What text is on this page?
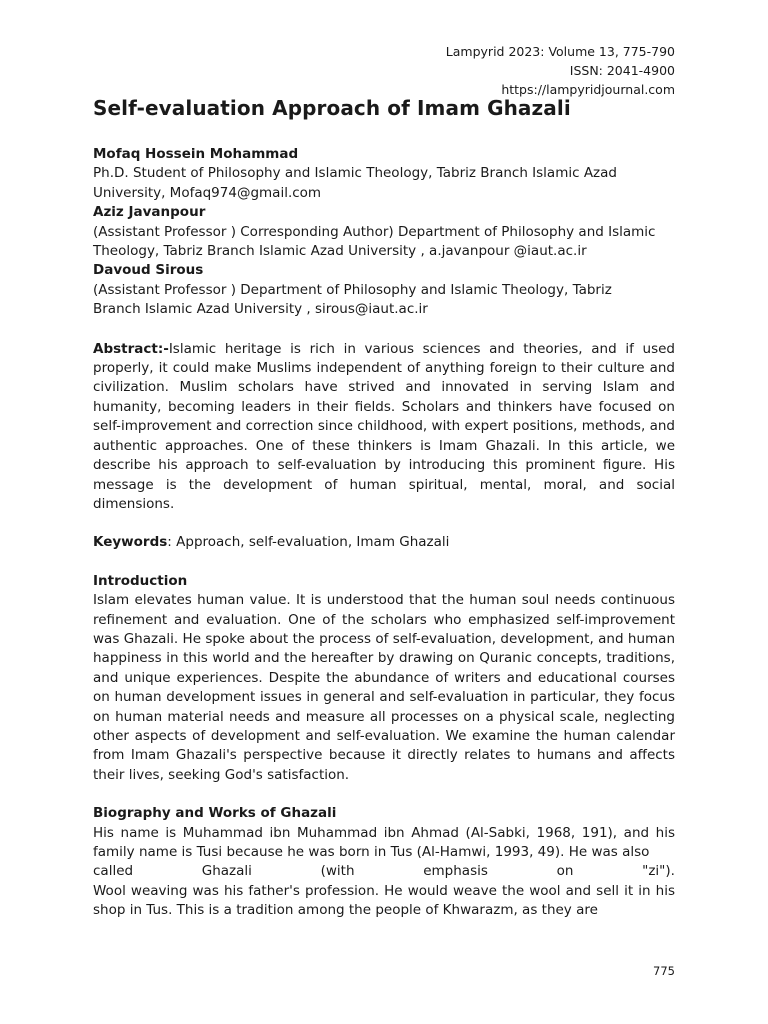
Lampyrid 2023: Volume 13, 775-790
ISSN: 2041-4900
https://lampyridjournal.com
Self-evaluation Approach of Imam Ghazali

Mofaq Hossein Mohammad

Ph.D. Student of Philosophy and Islamic Theology, Tabriz Branch Islamic Azad

University, Mofaq974@gmail.com

Aziz Javanpour

(Assistant Professor ) Corresponding Author) Department of Philosophy and Islamic

Theology, Tabriz Branch Islamic Azad University , a.javanpour @iaut.ac.ir

Davoud Sirous

(Assistant Professor ) Department of Philosophy and Islamic Theology, Tabriz

Branch Islamic Azad University , sirous@iaut.ac.ir

Abstract:-Islamic heritage is rich in various sciences and theories, and if used properly, it could make Muslims independent of anything foreign to their culture and civilization. Muslim scholars have strived and innovated in serving Islam and humanity, becoming leaders in their fields. Scholars and thinkers have focused on self-improvement and correction since childhood, with expert positions, methods, and authentic approaches. One of these thinkers is Imam Ghazali. In this article, we describe his approach to self-evaluation by introducing this prominent figure. His message is the development of human spiritual, mental, moral, and social dimensions.

Keywords: Approach, self-evaluation, Imam Ghazali

Introduction

Islam elevates human value. It is understood that the human soul needs continuous refinement and evaluation. One of the scholars who emphasized self-improvement was Ghazali. He spoke about the process of self-evaluation, development, and human happiness in this world and the hereafter by drawing on Quranic concepts, traditions, and unique experiences. Despite the abundance of writers and educational courses on human development issues in general and self-evaluation in particular, they focus on human material needs and measure all processes on a physical scale, neglecting other aspects of development and self-evaluation. We examine the human calendar from Imam Ghazali's perspective because it directly relates to humans and affects their lives, seeking God's satisfaction.

Biography and Works of Ghazali

His name is Muhammad ibn Muhammad ibn Ahmad (Al-Sabki, 1968, 191), and his family name is Tusi because he was born in Tus (Al-Hamwi, 1993, 49). He was also

called	Ghazali	(with	emphasis	on	"zi").

Wool weaving was his father's profession. He would weave the wool and sell it in his shop in Tus. This is a tradition among the people of Khwarazm, as they are

775
